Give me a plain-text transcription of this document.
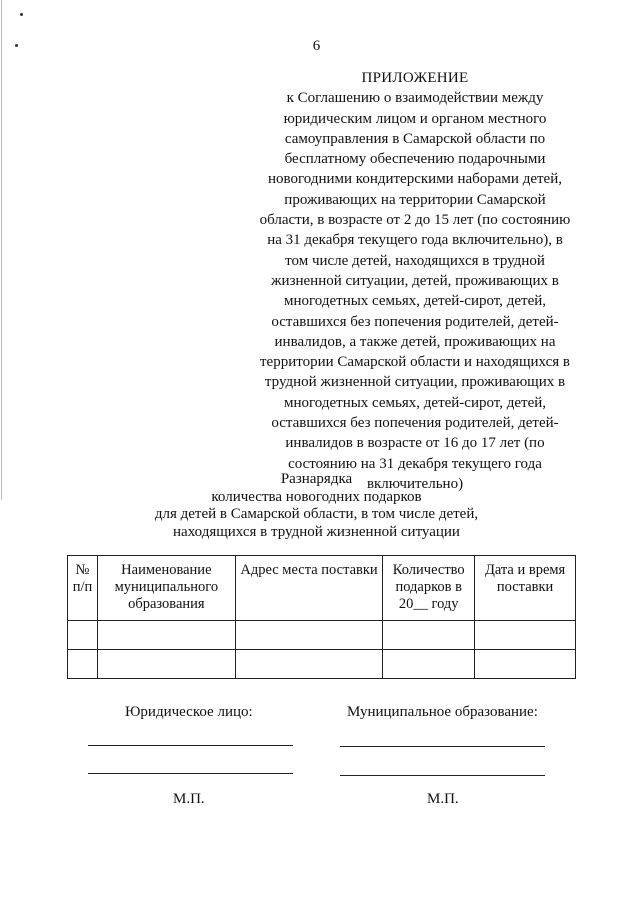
6
ПРИЛОЖЕНИЕ
к Соглашению о взаимодействии между
юридическим лицом и органом местного
самоуправления в Самарской области по
бесплатному обеспечению подарочными
новогодними кондитерскими наборами детей,
проживающих на территории Самарской
области, в возрасте от 2 до 15 лет (по состоянию
на 31 декабря текущего года включительно), в
том числе детей, находящихся в трудной
жизненной ситуации, детей, проживающих в
многодетных семьях, детей-сирот, детей,
оставшихся без попечения родителей, детей-
инвалидов, а также детей, проживающих на
территории Самарской области и находящихся в
трудной жизненной ситуации, проживающих в
многодетных семьях, детей-сирот, детей,
оставшихся без попечения родителей, детей-
инвалидов в возрасте от 16 до 17 лет (по
состоянию на 31 декабря текущего года
включительно)
Разнарядка
количества новогодних подарков
для детей в Самарской области, в том числе детей,
находящихся в трудной жизненной ситуации
№ п/п	Наименование муниципального образования	Адрес места поставки	Количество подарков в 20__ году	Дата и время поставки

Юридическое лицо:	Муниципальное образование:
М.П.	М.П.
